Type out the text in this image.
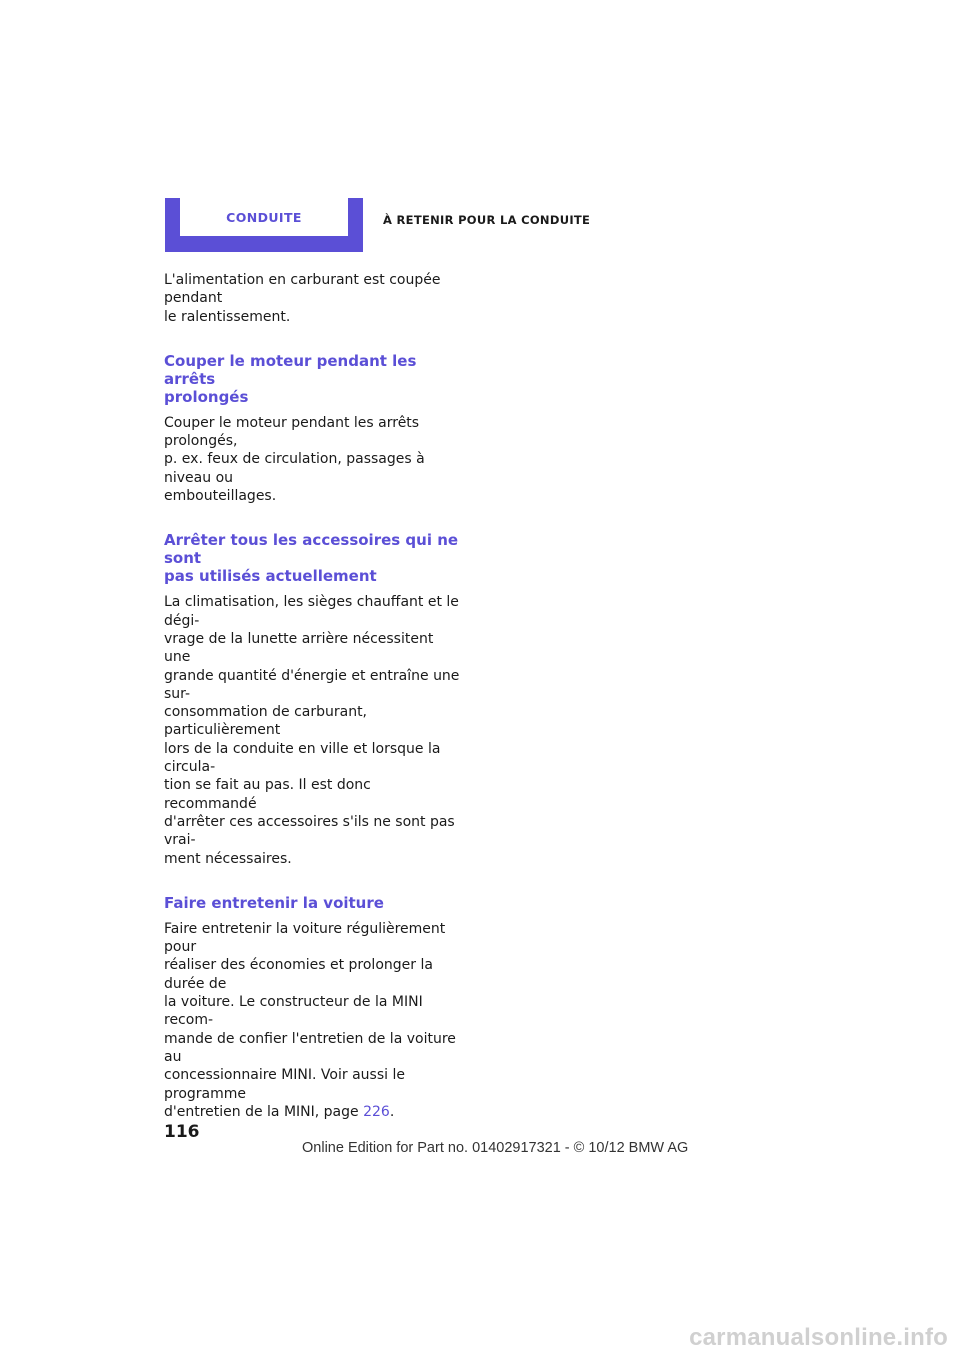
CONDUITE	À RETENIR POUR LA CONDUITE

L'alimentation en carburant est coupée pendant
le ralentissement.

Couper le moteur pendant les arrêts
prolongés

Couper le moteur pendant les arrêts prolongés,
p. ex. feux de circulation, passages à niveau ou
embouteillages.

Arrêter tous les accessoires qui ne sont
pas utilisés actuellement

La climatisation, les sièges chauffant et le dégi-
vrage de la lunette arrière nécessitent une
grande quantité d'énergie et entraîne une sur-
consommation de carburant, particulièrement
lors de la conduite en ville et lorsque la circula-
tion se fait au pas. Il est donc recommandé
d'arrêter ces accessoires s'ils ne sont pas vrai-
ment nécessaires.

Faire entretenir la voiture

Faire entretenir la voiture régulièrement pour
réaliser des économies et prolonger la durée de
la voiture. Le constructeur de la MINI recom-
mande de confier l'entretien de la voiture au
concessionnaire MINI. Voir aussi le programme
d'entretien de la MINI, page 226.

116
Online Edition for Part no. 01402917321 - © 10/12 BMW AG
carmanualsonline.info
